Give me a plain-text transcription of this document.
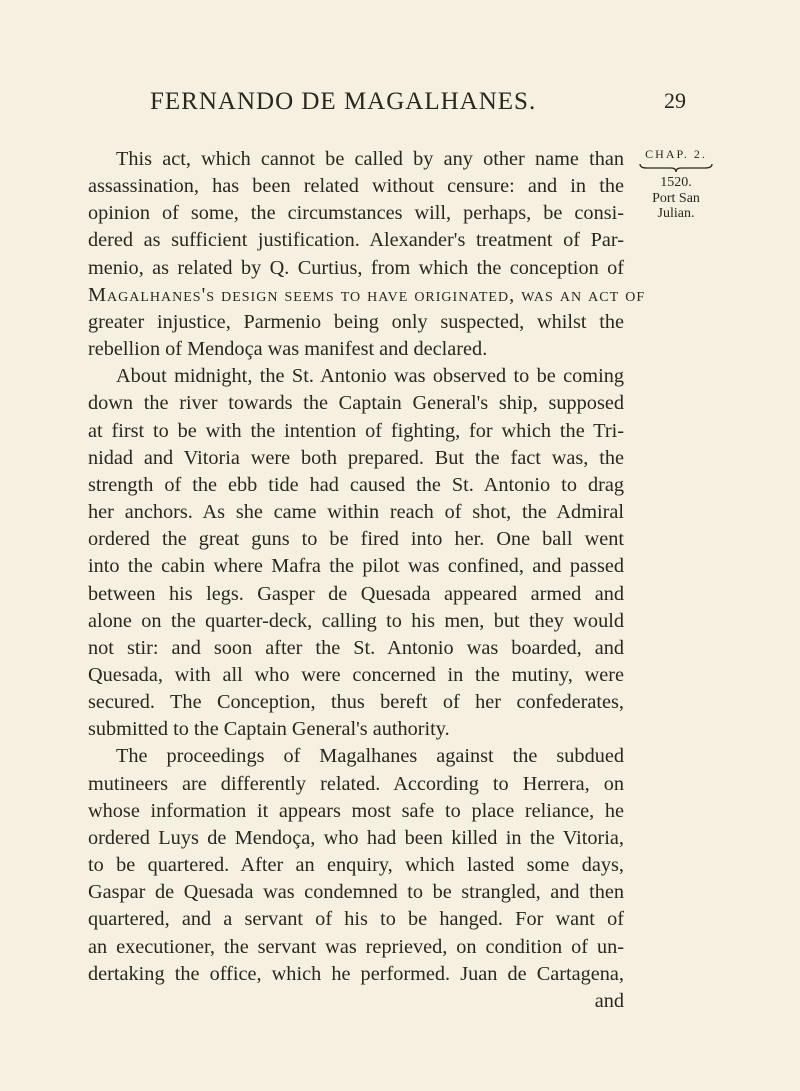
FERNANDO DE MAGALHANES.	29
CHAP. 2.
1520.
Port San
Julian.
This act, which cannot be called by any other name than
assassination, has been related without censure: and in the
opinion of some, the circumstances will, perhaps, be consi-
dered as sufficient justification. Alexander's treatment of Par-
menio, as related by Q. Curtius, from which the conception of
Magalhanes's design seems to have originated, was an act of
greater injustice, Parmenio being only suspected, whilst the
rebellion of Mendoça was manifest and declared.
About midnight, the St. Antonio was observed to be coming
down the river towards the Captain General's ship, supposed
at first to be with the intention of fighting, for which the Tri-
nidad and Vitoria were both prepared. But the fact was, the
strength of the ebb tide had caused the St. Antonio to drag
her anchors. As she came within reach of shot, the Admiral
ordered the great guns to be fired into her. One ball went
into the cabin where Mafra the pilot was confined, and passed
between his legs. Gasper de Quesada appeared armed and
alone on the quarter-deck, calling to his men, but they would
not stir: and soon after the St. Antonio was boarded, and
Quesada, with all who were concerned in the mutiny, were
secured. The Conception, thus bereft of her confederates,
submitted to the Captain General's authority.
The proceedings of Magalhanes against the subdued
mutineers are differently related. According to Herrera, on
whose information it appears most safe to place reliance, he
ordered Luys de Mendoça, who had been killed in the Vitoria,
to be quartered. After an enquiry, which lasted some days,
Gaspar de Quesada was condemned to be strangled, and then
quartered, and a servant of his to be hanged. For want of
an executioner, the servant was reprieved, on condition of un-
dertaking the office, which he performed. Juan de Cartagena,
and
